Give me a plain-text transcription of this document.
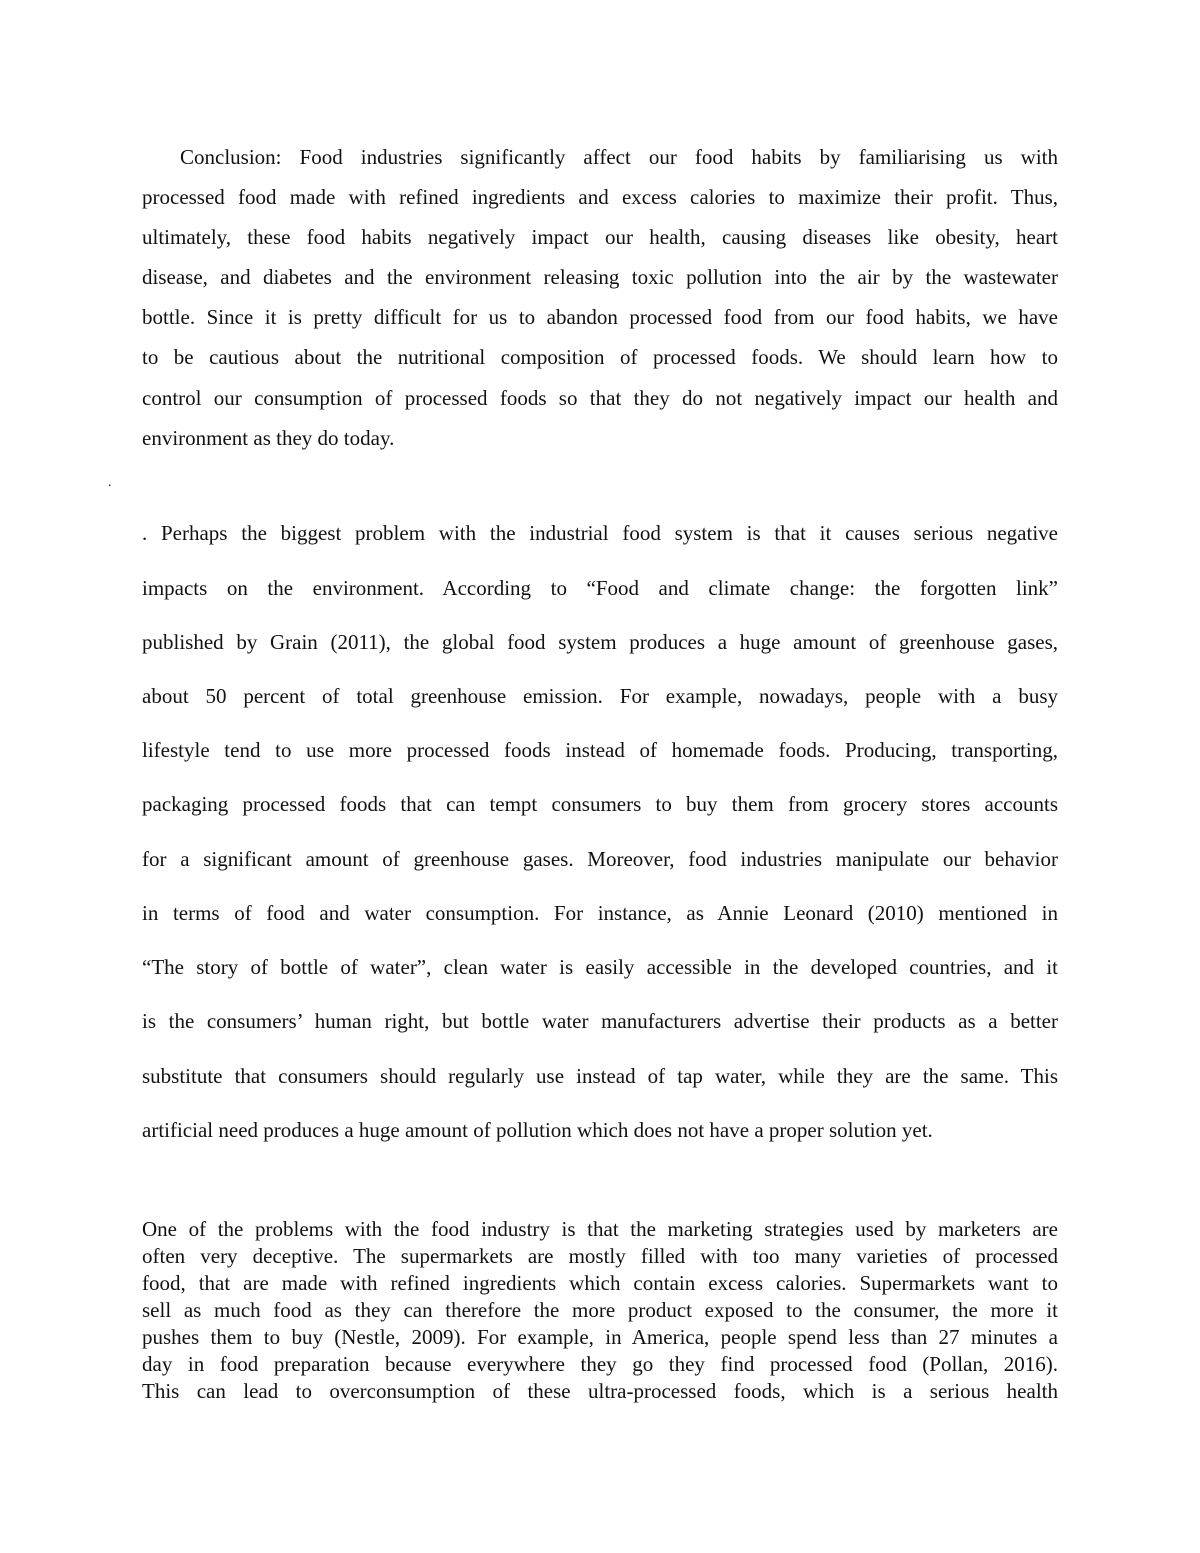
Conclusion: Food industries significantly affect our food habits by familiarising us with
processed food made with refined ingredients and excess calories to maximize their profit. Thus,
ultimately, these food habits negatively impact our health, causing diseases like obesity, heart
disease, and diabetes and the environment releasing toxic pollution into the air by the wastewater
bottle. Since it is pretty difficult for us to abandon processed food from our food habits, we have
to be cautious about the nutritional composition of processed foods. We should learn how to
control our consumption of processed foods so that they do not negatively impact our health and
environment as they do today.
.
. Perhaps the biggest problem with the industrial food system is that it causes serious negative
impacts on the environment. According to “Food and climate change: the forgotten link”
published by Grain (2011), the global food system produces a huge amount of greenhouse gases,
about 50 percent of total greenhouse emission. For example, nowadays, people with a busy
lifestyle tend to use more processed foods instead of homemade foods. Producing, transporting,
packaging processed foods that can tempt consumers to buy them from grocery stores accounts
for a significant amount of greenhouse gases. Moreover, food industries manipulate our behavior
in terms of food and water consumption. For instance, as Annie Leonard (2010) mentioned in
“The story of bottle of water”, clean water is easily accessible in the developed countries, and it
is the consumers’ human right, but bottle water manufacturers advertise their products as a better
substitute that consumers should regularly use instead of tap water, while they are the same. This
artificial need produces a huge amount of pollution which does not have a proper solution yet.
One of the problems with the food industry is that the marketing strategies used by marketers are
often very deceptive. The supermarkets are mostly filled with too many varieties of processed
food, that are made with refined ingredients which contain excess calories. Supermarkets want to
sell as much food as they can therefore the more product exposed to the consumer, the more it
pushes them to buy (Nestle, 2009). For example, in America, people spend less than 27 minutes a
day in food preparation because everywhere they go they find processed food (Pollan, 2016).
This can lead to overconsumption of these ultra-processed foods, which is a serious health
